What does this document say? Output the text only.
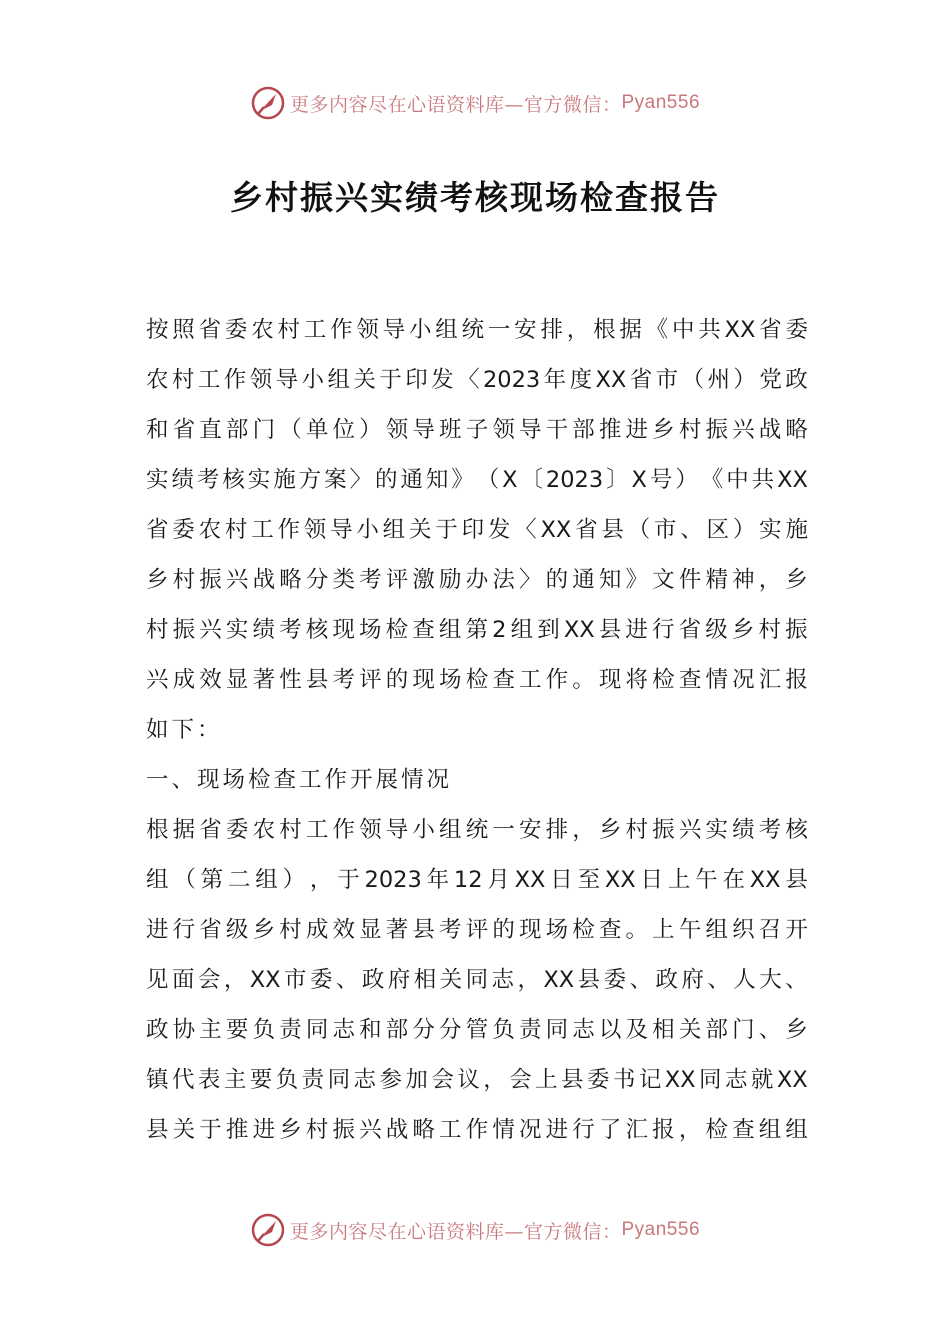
更多内容尽在心语资料库—官方微信： Pyan556
乡村振兴实绩考核现场检查报告
按 照 省 委 农 村 工 作 领 导 小 组 统 一 安 排 ， 根 据 《 中 共 XX 省 委
农 村 工 作 领 导 小 组 关 于 印 发 〈 2023 年 度 XX 省 市 （ 州 ） 党 政
和 省 直 部 门 （ 单 位 ） 领 导 班 子 领 导 干 部 推 进 乡 村 振 兴 战 略
实 绩 考 核 实 施 方 案 〉 的 通 知 》 （ X 〔 2023 〕 X 号 ） 《 中 共 XX
省 委 农 村 工 作 领 导 小 组 关 于 印 发 〈 XX 省 县 （ 市 、 区 ） 实 施
乡 村 振 兴 战 略 分 类 考 评 激 励 办 法 〉 的 通 知 》 文 件 精 神 ， 乡
村 振 兴 实 绩 考 核 现 场 检 查 组 第 2 组 到 XX 县 进 行 省 级 乡 村 振
兴 成 效 显 著 性 县 考 评 的 现 场 检 查 工 作 。 现 将 检 查 情 况 汇 报
如下：
一、现场检查工作开展情况
根 据 省 委 农 村 工 作 领 导 小 组 统 一 安 排 ， 乡 村 振 兴 实 绩 考 核
组 （ 第 二 组 ） ， 于 2023 年 12 月 XX 日 至 XX 日 上 午 在 XX 县
进 行 省 级 乡 村 成 效 显 著 县 考 评 的 现 场 检 查 。 上 午 组 织 召 开
见 面 会 ， XX 市 委 、 政 府 相 关 同 志 ， XX 县 委 、 政 府 、 人 大 、
政 协 主 要 负 责 同 志 和 部 分 分 管 负 责 同 志 以 及 相 关 部 门 、 乡
镇 代 表 主 要 负 责 同 志 参 加 会 议 ， 会 上 县 委 书 记 XX 同 志 就 XX
县 关 于 推 进 乡 村 振 兴 战 略 工 作 情 况 进 行 了 汇 报 ， 检 查 组 组
更多内容尽在心语资料库—官方微信： Pyan556
